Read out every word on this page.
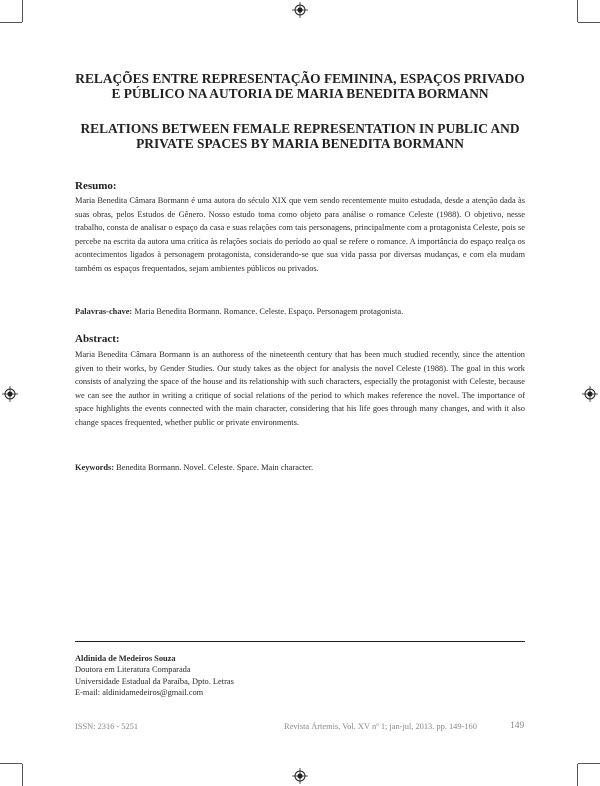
RELAÇÕES ENTRE REPRESENTAÇÃO FEMININA, ESPAÇOS PRIVADO
E PÚBLICO NA AUTORIA DE MARIA BENEDITA BORMANN
RELATIONS BETWEEN FEMALE REPRESENTATION IN PUBLIC AND
PRIVATE SPACES BY MARIA BENEDITA BORMANN
Resumo:
Maria Benedita Câmara Bormann é uma autora do século XIX que vem sendo recentemente muito estudada, desde a atenção dada às suas obras, pelos Estudos de Gênero. Nosso estudo toma como objeto para análise o romance Celeste (1988). O objetivo, nesse trabalho, consta de analisar o espaço da casa e suas relações com tais personagens, principalmente com a protagonista Celeste, pois se percebe na escrita da autora uma crítica às relações sociais do período ao qual se refere o romance. A importância do espaço realça os acontecimentos ligados à personagem protagonista, considerando-se que sua vida passa por diversas mudanças, e com ela mudam também os espaços frequentados, sejam ambientes públicos ou privados.
Palavras-chave: Maria Benedita Bormann. Romance. Celeste. Espaço. Personagem protagonista.
Abstract:
Maria Benedita Câmara Bormann is an authoress of the nineteenth century that has been much studied recently, since the attention given to their works, by Gender Studies. Our study takes as the object for analysis the novel Celeste (1988). The goal in this work consists of analyzing the space of the house and its relationship with such characters, especially the protagonist with Celeste, because we can see the author in writing a critique of social relations of the period to which makes reference the novel. The importance of space highlights the events connected with the main character, considering that his life goes through many changes, and with it also change spaces frequented, whether public or private environments.
Keywords: Benedita Bormann. Novel. Celeste. Space. Main character.
Aldinida de Medeiros Souza
Doutora em Literatura Comparada
Universidade Estadual da Paraíba, Dpto. Letras
E-mail: aldinidamedeiros@gmail.com
ISSN: 2316 - 5251	Revista Ártemis, Vol. XV nº 1; jan-jul, 2013. pp. 149-160	149
